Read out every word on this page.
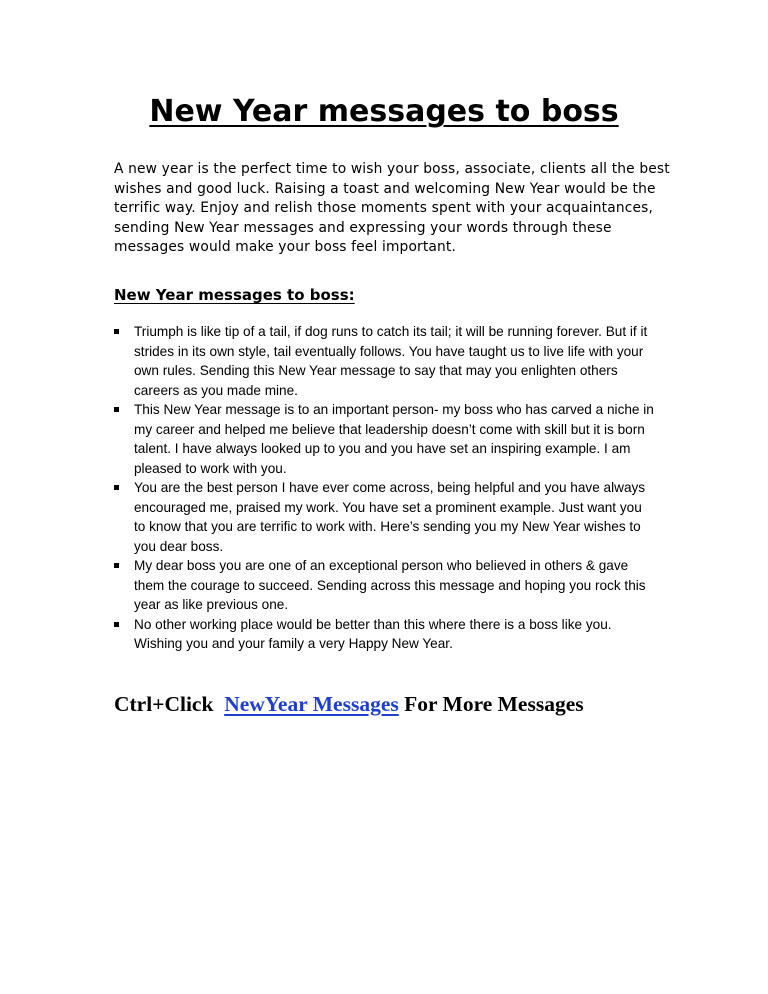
New Year messages to boss

A new year is the perfect time to wish your boss, associate, clients all the best wishes and good luck. Raising a toast and welcoming New Year would be the terrific way. Enjoy and relish those moments spent with your acquaintances, sending New Year messages and expressing your words through these messages would make your boss feel important.

New Year messages to boss:
Triumph is like tip of a tail, if dog runs to catch its tail; it will be running forever. But if it strides in its own style, tail eventually follows. You have taught us to live life with your own rules. Sending this New Year message to say that may you enlighten others careers as you made mine.
This New Year message is to an important person- my boss who has carved a niche in my career and helped me believe that leadership doesn’t come with skill but it is born talent. I have always looked up to you and you have set an inspiring example. I am pleased to work with you.
You are the best person I have ever come across, being helpful and you have always encouraged me, praised my work. You have set a prominent example. Just want you to know that you are terrific to work with. Here’s sending you my New Year wishes to you dear boss.
My dear boss you are one of an exceptional person who believed in others & gave them the courage to succeed. Sending across this message and hoping you rock this year as like previous one.
No other working place would be better than this where there is a boss like you. Wishing you and your family a very Happy New Year.

Ctrl+Click  NewYear Messages For More Messages
